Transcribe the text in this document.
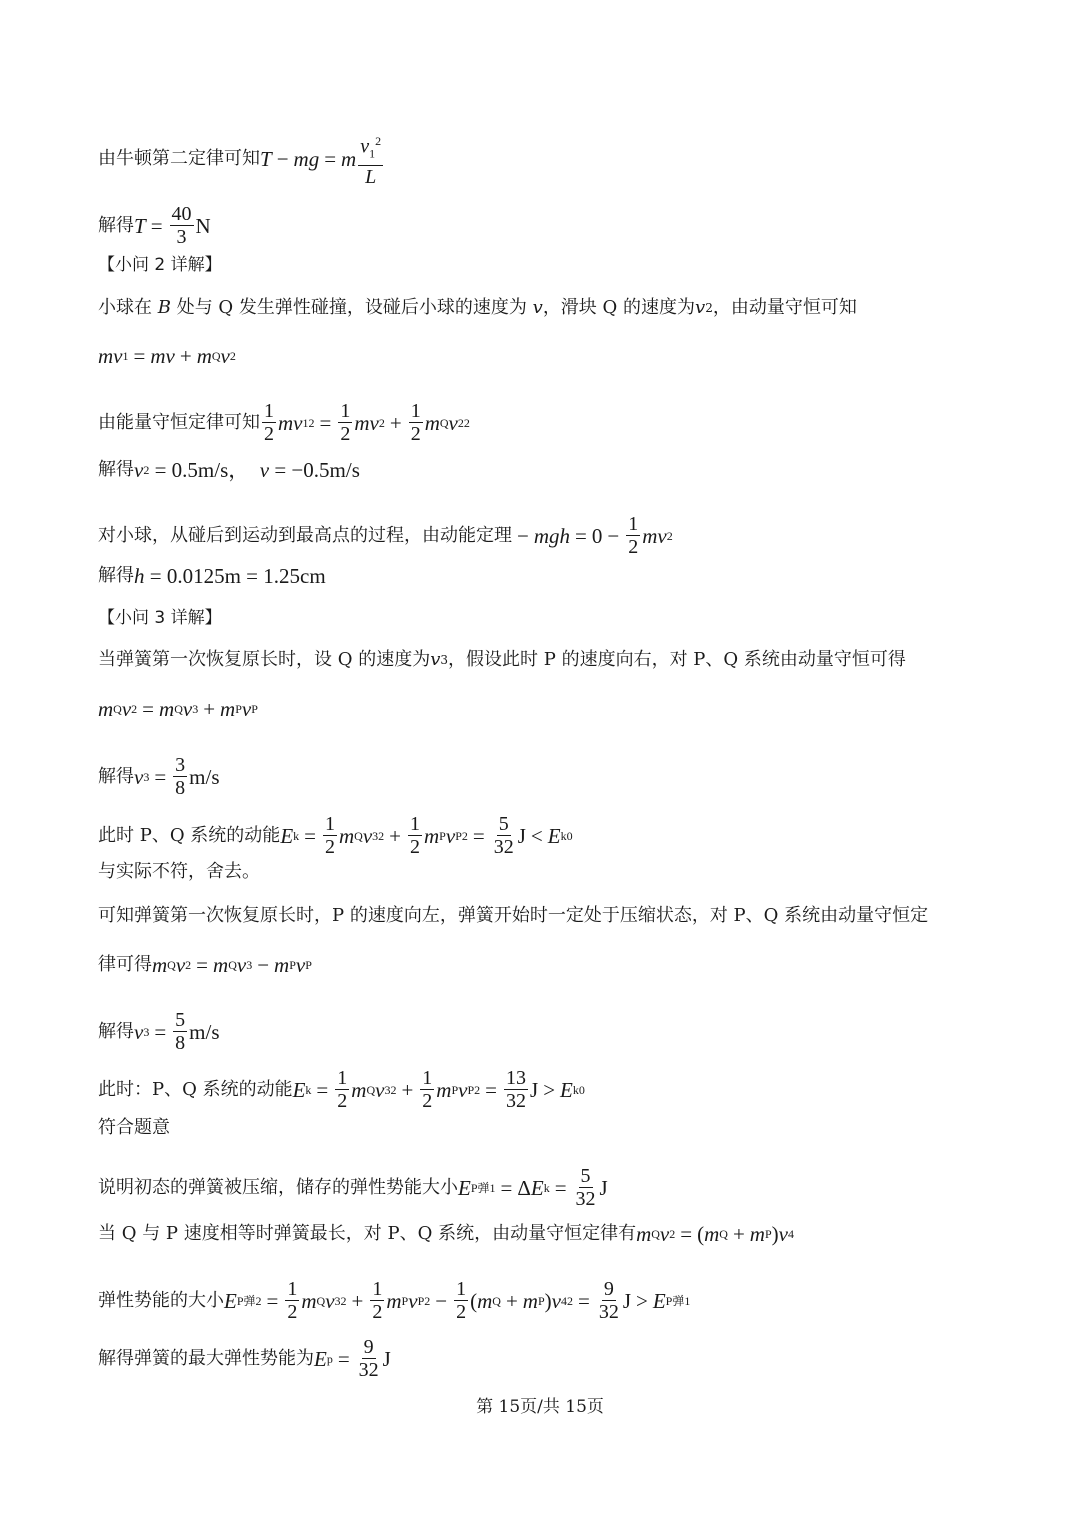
由牛顿第二定律可知 T − mg = m $\frac{v_1^2}{L}$
解得 $T = \frac{40}{3}$ N
【小问 2 详解】
小球在
B
处与 Q 发生弹性碰撞，设碰后小球的速度为
v ，滑块 Q 的速度为 v 2 ，由动量守恒可知
mv 1 = mv + m Q v 2
由能量守恒定律可知 $\frac{1}{2}$ mv 1 $2 = \frac{1}{2}$ mv $2 + \frac{1}{2}$ m Q v 2 2
解得 v 2
= 0.5m/s，
v
= −0.5m/s
对小球，从碰后到运动到最高点的过程，由动能定理 − mgh = $0 - \frac{1}{2}$ mv 2
解得 h
= 0.0125m = 1.25cm
【小问 3 详解】
当弹簧第一次恢复原长时，设 Q 的速度为 v 3 ，假设此时 P 的速度向右，对 P、Q 系统由动量守恒可得
m Q v 2 = m Q v 3 + m P v P
解得 v $3 = \frac{3}{8} m/s$
此时 P、Q 系统的动能 E $k = \frac{1}{2}$ m Q v 3 $2 + \frac{1}{2}$ m P v P $2 = \frac{5}{32}$ J < E k0
与实际不符，舍去。
可知弹簧第一次恢复原长时，P 的速度向左，弹簧开始时一定处于压缩状态，对 P、Q 系统由动量守恒定
律可得 m Q v 2 = m Q v 3 − m P v P
解得 v $3 = \frac{5}{8} m/s$
此时：P、Q 系统的动能 E $k = \frac{1}{2}$ m Q v 3 $2 + \frac{1}{2}$ m P v P $2 = \frac{13}{32}$ J > E k0
符合题意
说明初态的弹簧被压缩，储存的弹性势能大小 E P弹1 = Δ E $k = \frac{5}{32}$ J
当 Q 与 P 速度相等时弹簧最长，对 P、Q 系统，由动量守恒定律有 m Q v 2 = ( m Q + m P ) v 4
弹性势能的大小 E P弹$2 = \frac{1}{2}$ m Q v 3 $2 + \frac{1}{2}$ m P v P $2 - \frac{1}{2}$ ( m Q + m P ) v 4 $2 = \frac{9}{32}$ J > E P弹1
解得弹簧的最大弹性势能为 E $p = \frac{9}{32}$ J
第 15页/共 15页
